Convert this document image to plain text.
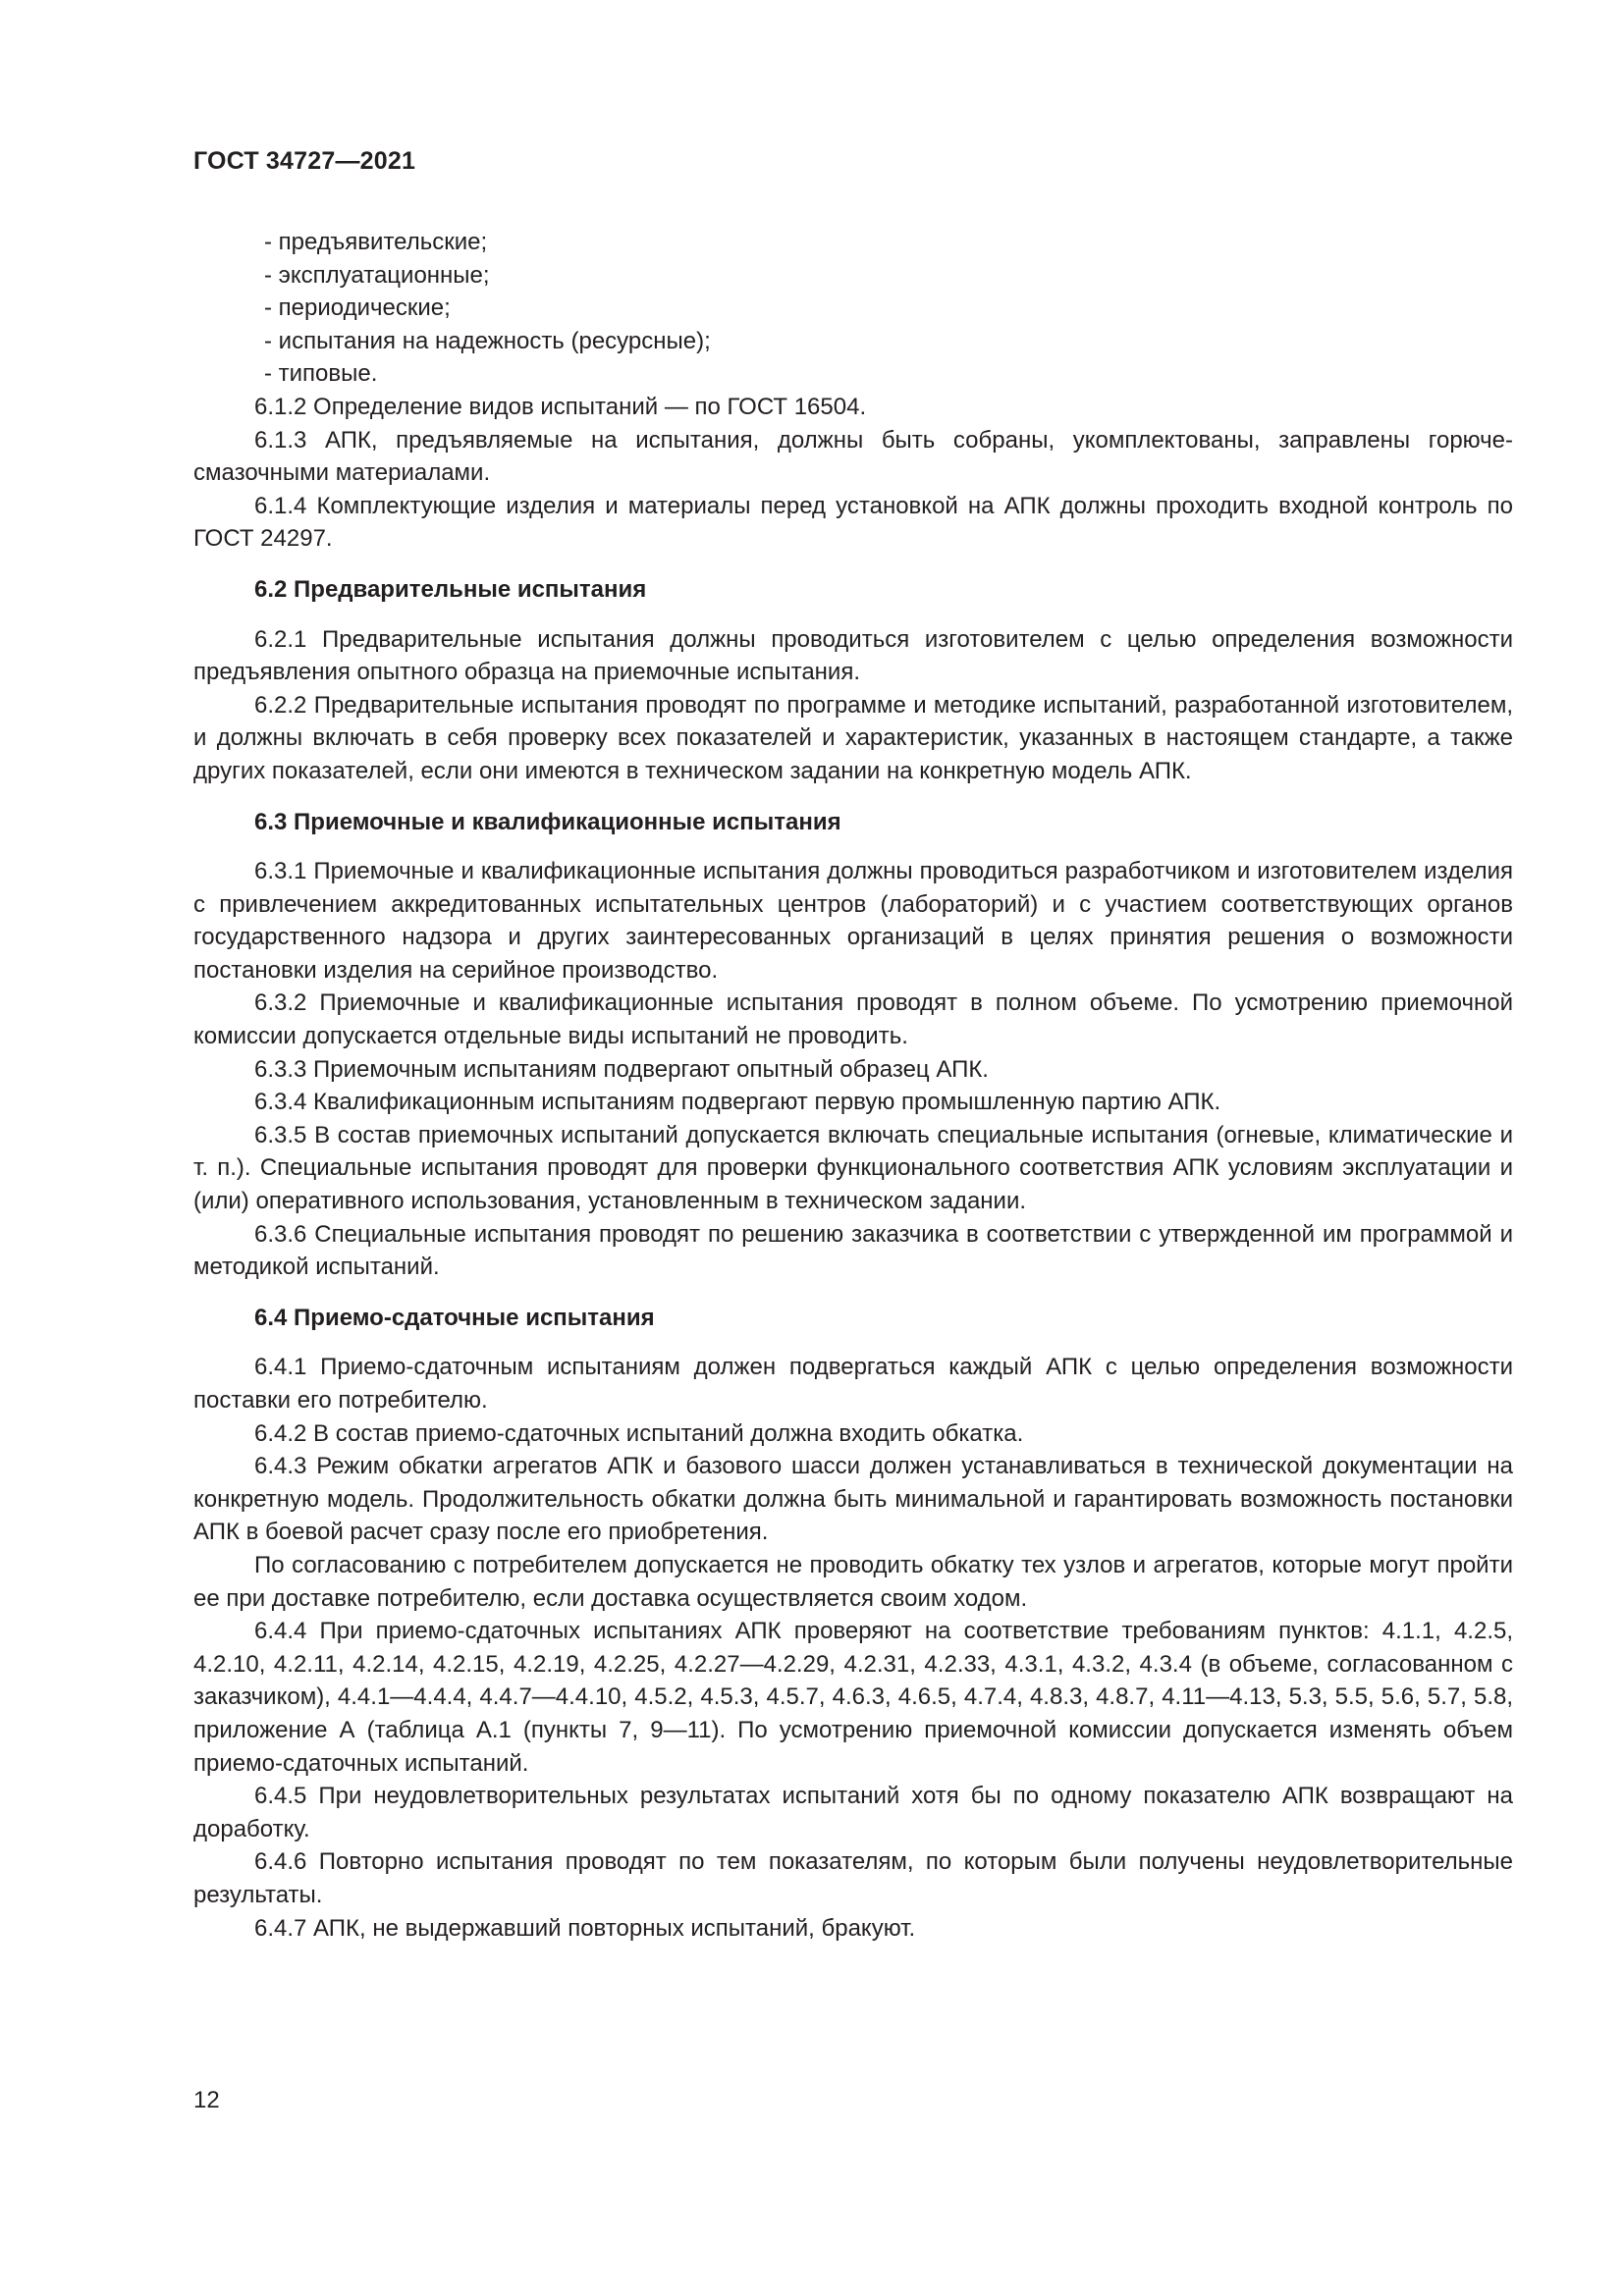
ГОСТ 34727—2021

- предъявительские;

- эксплуатационные;

- периодические;

- испытания на надежность (ресурсные);

- типовые.

6.1.2 Определение видов испытаний — по ГОСТ 16504.

6.1.3 АПК, предъявляемые на испытания, должны быть собраны, укомплектованы, заправлены горюче-смазочными материалами.

6.1.4 Комплектующие изделия и материалы перед установкой на АПК должны проходить входной контроль по ГОСТ 24297.

6.2 Предварительные испытания

6.2.1 Предварительные испытания должны проводиться изготовителем с целью определения возможности предъявления опытного образца на приемочные испытания.

6.2.2 Предварительные испытания проводят по программе и методике испытаний, разработанной изготовителем, и должны включать в себя проверку всех показателей и характеристик, указанных в настоящем стандарте, а также других показателей, если они имеются в техническом задании на конкретную модель АПК.

6.3 Приемочные и квалификационные испытания

6.3.1 Приемочные и квалификационные испытания должны проводиться разработчиком и изготовителем изделия с привлечением аккредитованных испытательных центров (лабораторий) и с участием соответствующих органов государственного надзора и других заинтересованных организаций в целях принятия решения о возможности постановки изделия на серийное производство.

6.3.2 Приемочные и квалификационные испытания проводят в полном объеме. По усмотрению приемочной комиссии допускается отдельные виды испытаний не проводить.

6.3.3 Приемочным испытаниям подвергают опытный образец АПК.

6.3.4 Квалификационным испытаниям подвергают первую промышленную партию АПК.

6.3.5 В состав приемочных испытаний допускается включать специальные испытания (огневые, климатические и т. п.). Специальные испытания проводят для проверки функционального соответствия АПК условиям эксплуатации и (или) оперативного использования, установленным в техническом задании.

6.3.6 Специальные испытания проводят по решению заказчика в соответствии с утвержденной им программой и методикой испытаний.

6.4 Приемо-сдаточные испытания

6.4.1 Приемо-сдаточным испытаниям должен подвергаться каждый АПК с целью определения возможности поставки его потребителю.

6.4.2 В состав приемо-сдаточных испытаний должна входить обкатка.

6.4.3 Режим обкатки агрегатов АПК и базового шасси должен устанавливаться в технической документации на конкретную модель. Продолжительность обкатки должна быть минимальной и гарантировать возможность постановки АПК в боевой расчет сразу после его приобретения.

По согласованию с потребителем допускается не проводить обкатку тех узлов и агрегатов, которые могут пройти ее при доставке потребителю, если доставка осуществляется своим ходом.

6.4.4 При приемо-сдаточных испытаниях АПК проверяют на соответствие требованиям пунктов: 4.1.1, 4.2.5, 4.2.10, 4.2.11, 4.2.14, 4.2.15, 4.2.19, 4.2.25, 4.2.27—4.2.29, 4.2.31, 4.2.33, 4.3.1, 4.3.2, 4.3.4 (в объеме, согласованном с заказчиком), 4.4.1—4.4.4, 4.4.7—4.4.10, 4.5.2, 4.5.3, 4.5.7, 4.6.3, 4.6.5, 4.7.4, 4.8.3, 4.8.7, 4.11—4.13, 5.3, 5.5, 5.6, 5.7, 5.8, приложение А (таблица А.1 (пункты 7, 9—11). По усмотрению приемочной комиссии допускается изменять объем приемо-сдаточных испытаний.

6.4.5 При неудовлетворительных результатах испытаний хотя бы по одному показателю АПК возвращают на доработку.

6.4.6 Повторно испытания проводят по тем показателям, по которым были получены неудовлетворительные результаты.

6.4.7 АПК, не выдержавший повторных испытаний, бракуют.

12
